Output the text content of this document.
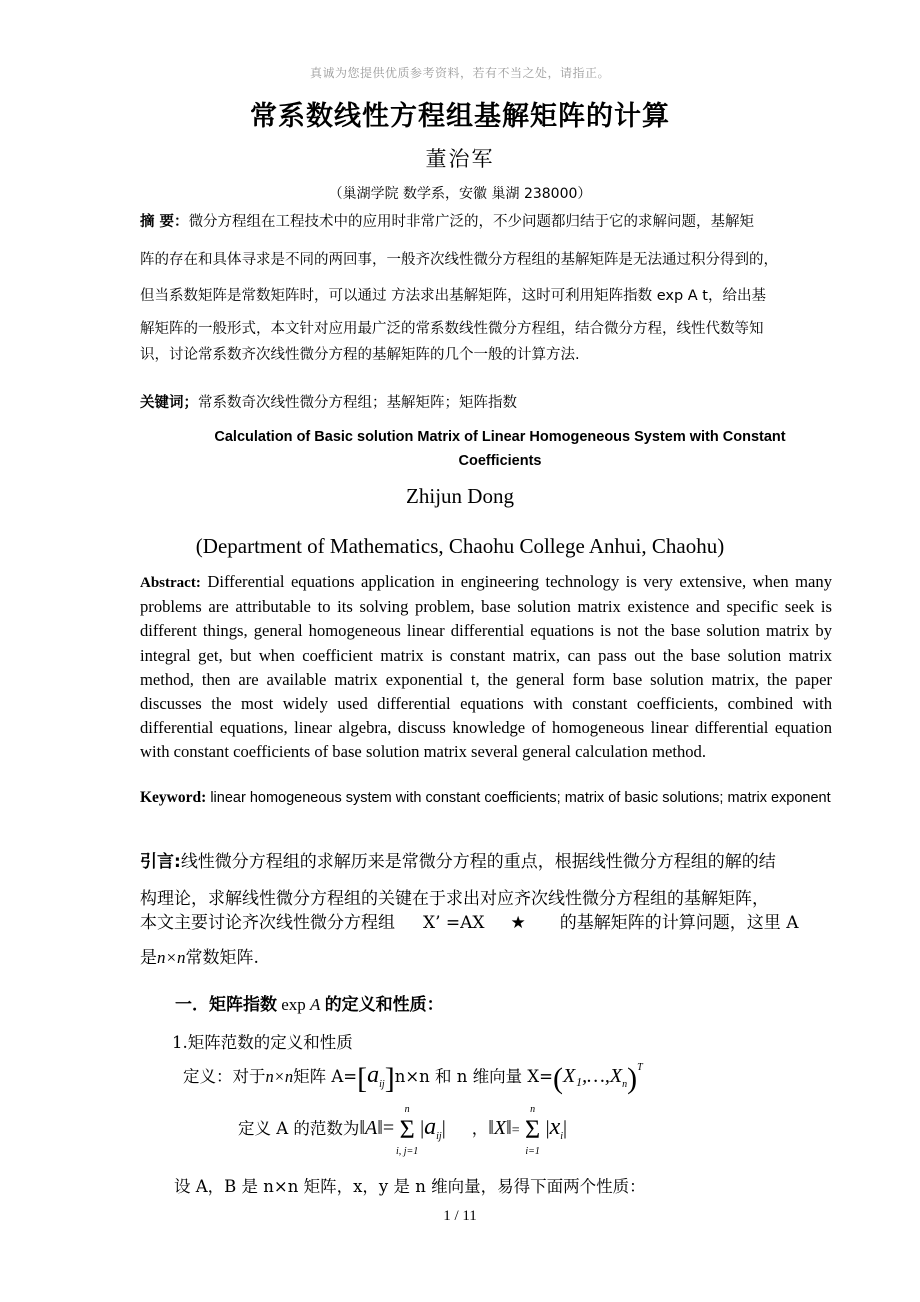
真诚为您提供优质参考资料，若有不当之处，请指正。
常系数线性方程组基解矩阵的计算
董治军
（巢湖学院 数学系，安徽 巢湖 238000）
摘 要：微分方程组在工程技术中的应用时非常广泛的，不少问题都归结于它的求解问题，基解矩
阵的存在和具体寻求是不同的两回事，一般齐次线性微分方程组的基解矩阵是无法通过积分得到的，
但当系数矩阵是常数矩阵时，可以通过 方法求出基解矩阵，这时可利用矩阵指数 exp A t，给出基
解矩阵的一般形式，本文针对应用最广泛的常系数线性微分方程组，结合微分方程，线性代数等知
识，讨论常系数齐次线性微分方程的基解矩阵的几个一般的计算方法.
关键词；常系数奇次线性微分方程组；基解矩阵；矩阵指数
Calculation of Basic solution Matrix of Linear Homogeneous System with Constant Coefficients
Zhijun Dong
(Department of Mathematics, Chaohu College Anhui, Chaohu)
Abstract: Differential equations application in engineering technology is very extensive, when many problems are attributable to its solving problem, base solution matrix existence and specific seek is different things, general homogeneous linear differential equations is not the base solution matrix by integral get, but when coefficient matrix is constant matrix, can pass out the base solution matrix method, then are available matrix exponential t, the general form base solution matrix, the paper discusses the most widely used differential equations with constant coefficients, combined with differential equations, linear algebra, discuss knowledge of homogeneous linear differential equation with constant coefficients of base solution matrix several general calculation method.
Keyword: linear homogeneous system with constant coefficients; matrix of basic solutions; matrix exponent
引言:线性微分方程组的求解历来是常微分方程的重点，根据线性微分方程组的解的结
构理论，求解线性微分方程组的关键在于求出对应齐次线性微分方程组的基解矩阵，
本文主要讨论齐次线性微分方程组 X’ =AX ★ 的基解矩阵的计算问题，这里 A
是n×n常数矩阵.
一．矩阵指数 exp A 的定义和性质：
1.矩阵范数的定义和性质
定义：对于n×n矩阵 $A=[a_{ij}]n\times n$ 和 n 维向量 $X=(X_1,\dots,X_n)^T$
定义 A 的范数为‖A‖=
n
Σ
i, j=1
$|a_{ij}|$ ，‖X‖=
n
Σ
i=1
$|x_i|$
设 A，B 是 n×n 矩阵，x，y 是 n 维向量，易得下面两个性质：
1 / 11
